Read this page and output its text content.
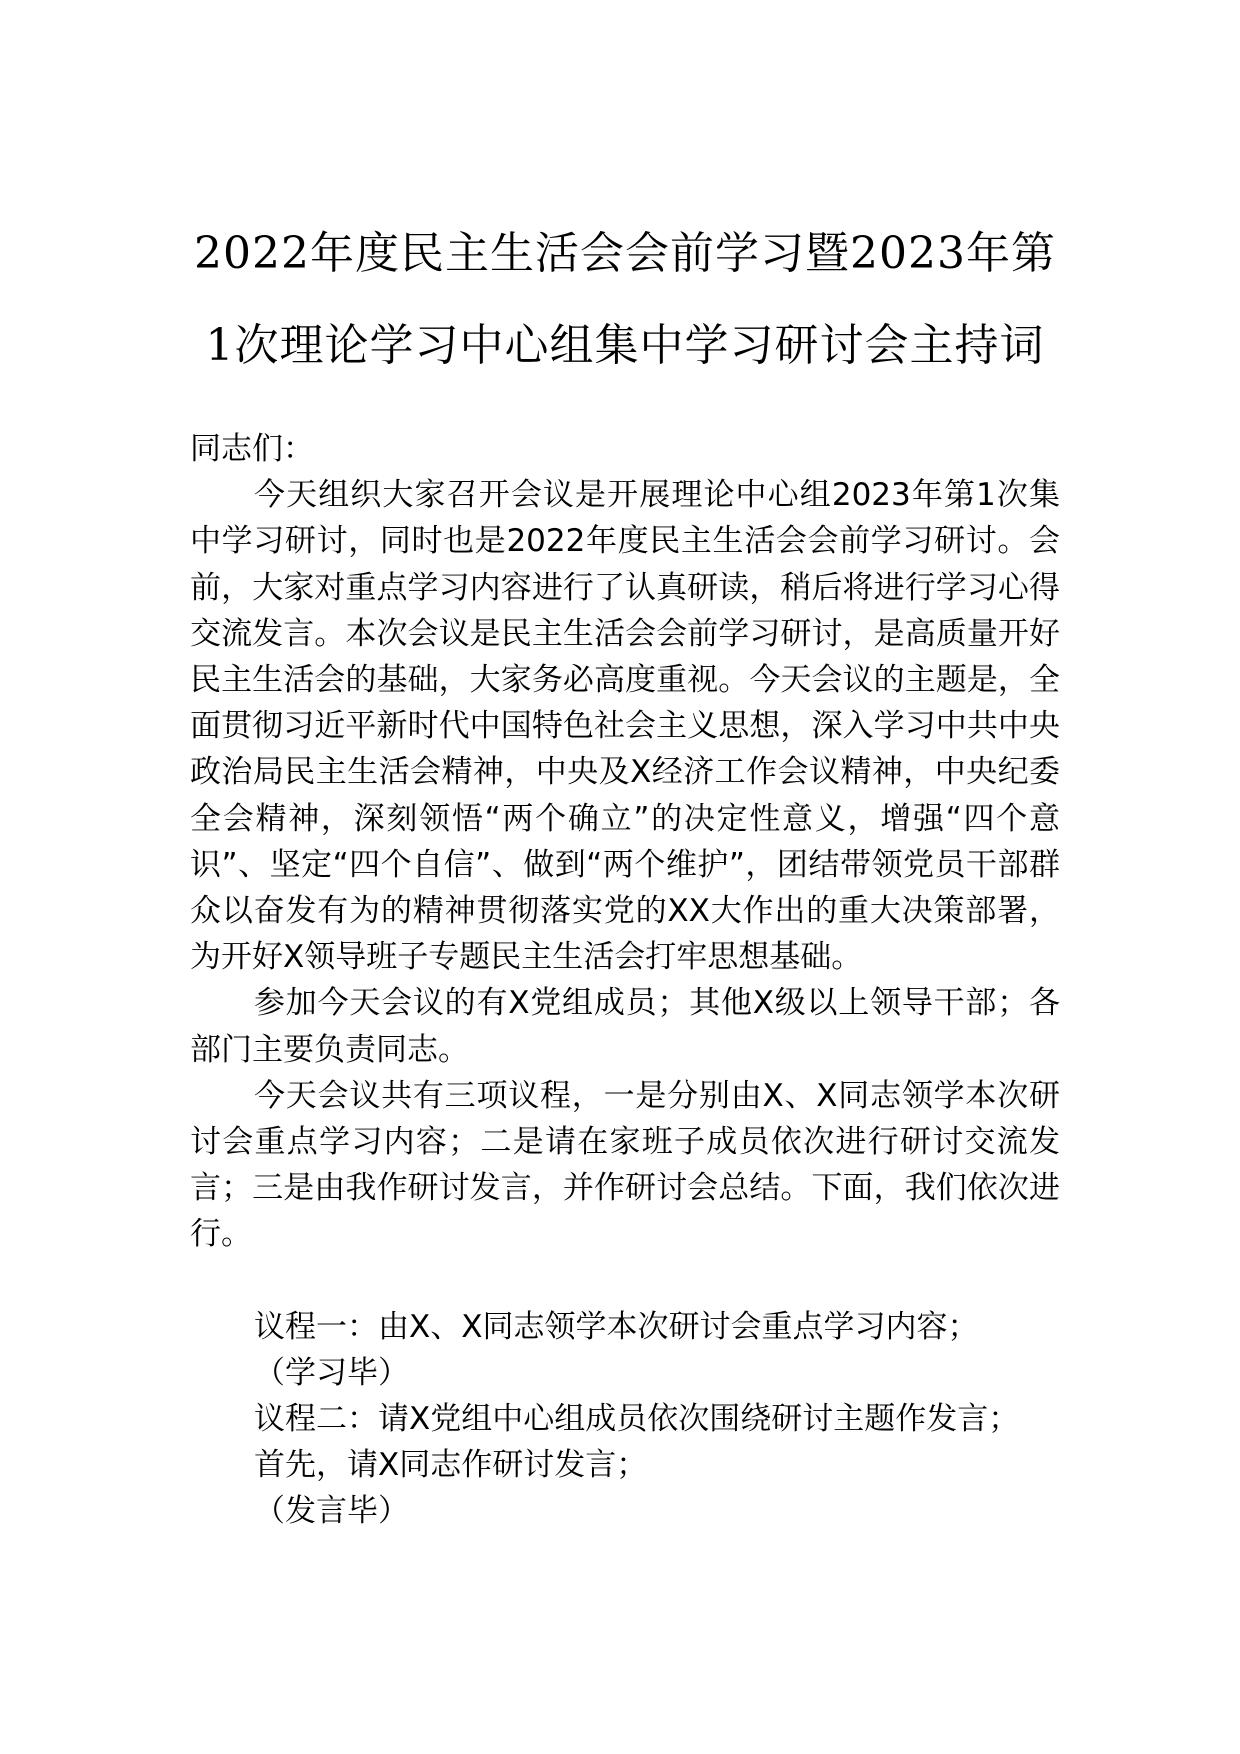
2022年度民主生活会会前学习暨2023年第
1次理论学习中心组集中学习研讨会主持词

同志们：

今天组织大家召开会议是开展理论中心组2023年第1次集中学习研讨，同时也是2022年度民主生活会会前学习研讨。会前，大家对重点学习内容进行了认真研读，稍后将进行学习心得交流发言。本次会议是民主生活会会前学习研讨，是高质量开好民主生活会的基础，大家务必高度重视。今天会议的主题是，全面贯彻习近平新时代中国特色社会主义思想，深入学习中共中央政治局民主生活会精神，中央及X经济工作会议精神，中央纪委全会精神，深刻领悟“两个确立”的决定性意义，增强“四个意识”、坚定“四个自信”、做到“两个维护”，团结带领党员干部群众以奋发有为的精神贯彻落实党的XX大作出的重大决策部署，为开好X领导班子专题民主生活会打牢思想基础。

参加今天会议的有X党组成员；其他X级以上领导干部；各部门主要负责同志。

今天会议共有三项议程，一是分别由X、X同志领学本次研讨会重点学习内容；二是请在家班子成员依次进行研讨交流发言；三是由我作研讨发言，并作研讨会总结。下面，我们依次进行。

议程一：由X、X同志领学本次研讨会重点学习内容；

（学习毕）

议程二：请X党组中心组成员依次围绕研讨主题作发言；

首先，请X同志作研讨发言；

（发言毕）
